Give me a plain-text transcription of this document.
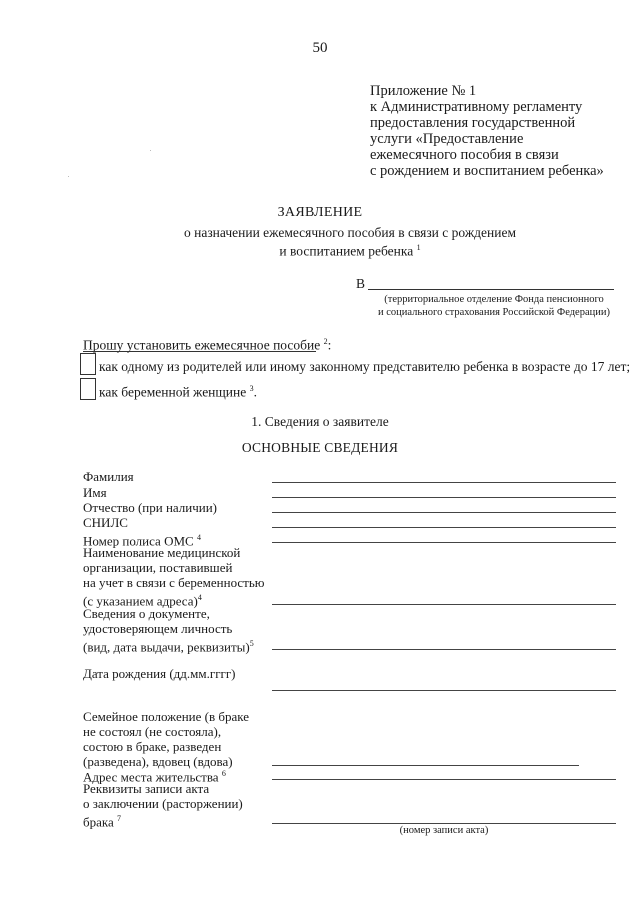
50
Приложение № 1
к Административному регламенту
предоставления государственной
услуги «Предоставление
ежемесячного пособия в связи
с рождением и воспитанием ребенка»
ЗАЯВЛЕНИЕ
о назначении ежемесячного пособия в связи с рождением
и воспитанием ребенка $^1$
В
(территориальное отделение Фонда пенсионного
и социального страхования Российской Федерации)
Прошу установить ежемесячное пособие $^2$:
как одному из родителей или иному законному представителю ребенка в возрасте до 17 лет;
как беременной женщине $^3$.
1. Сведения о заявителе
ОСНОВНЫЕ СВЕДЕНИЯ
Фамилия
Имя
Отчество (при наличии)
СНИЛС
Номер полиса ОМС $^4$
Наименование медицинской
организации, поставившей
на учет в связи с беременностью
(с указанием адреса)$^4$
Сведения о документе,
удостоверяющем личность
(вид, дата выдачи, реквизиты)$^5$
Дата рождения (дд.мм.гггг)
Семейное положение (в браке
не состоял (не состояла),
состою в браке, разведен
(разведена), вдовец (вдова)
Адрес места жительства $^6$
Реквизиты записи акта
о заключении (расторжении)
брака $^7$
(номер записи акта)
